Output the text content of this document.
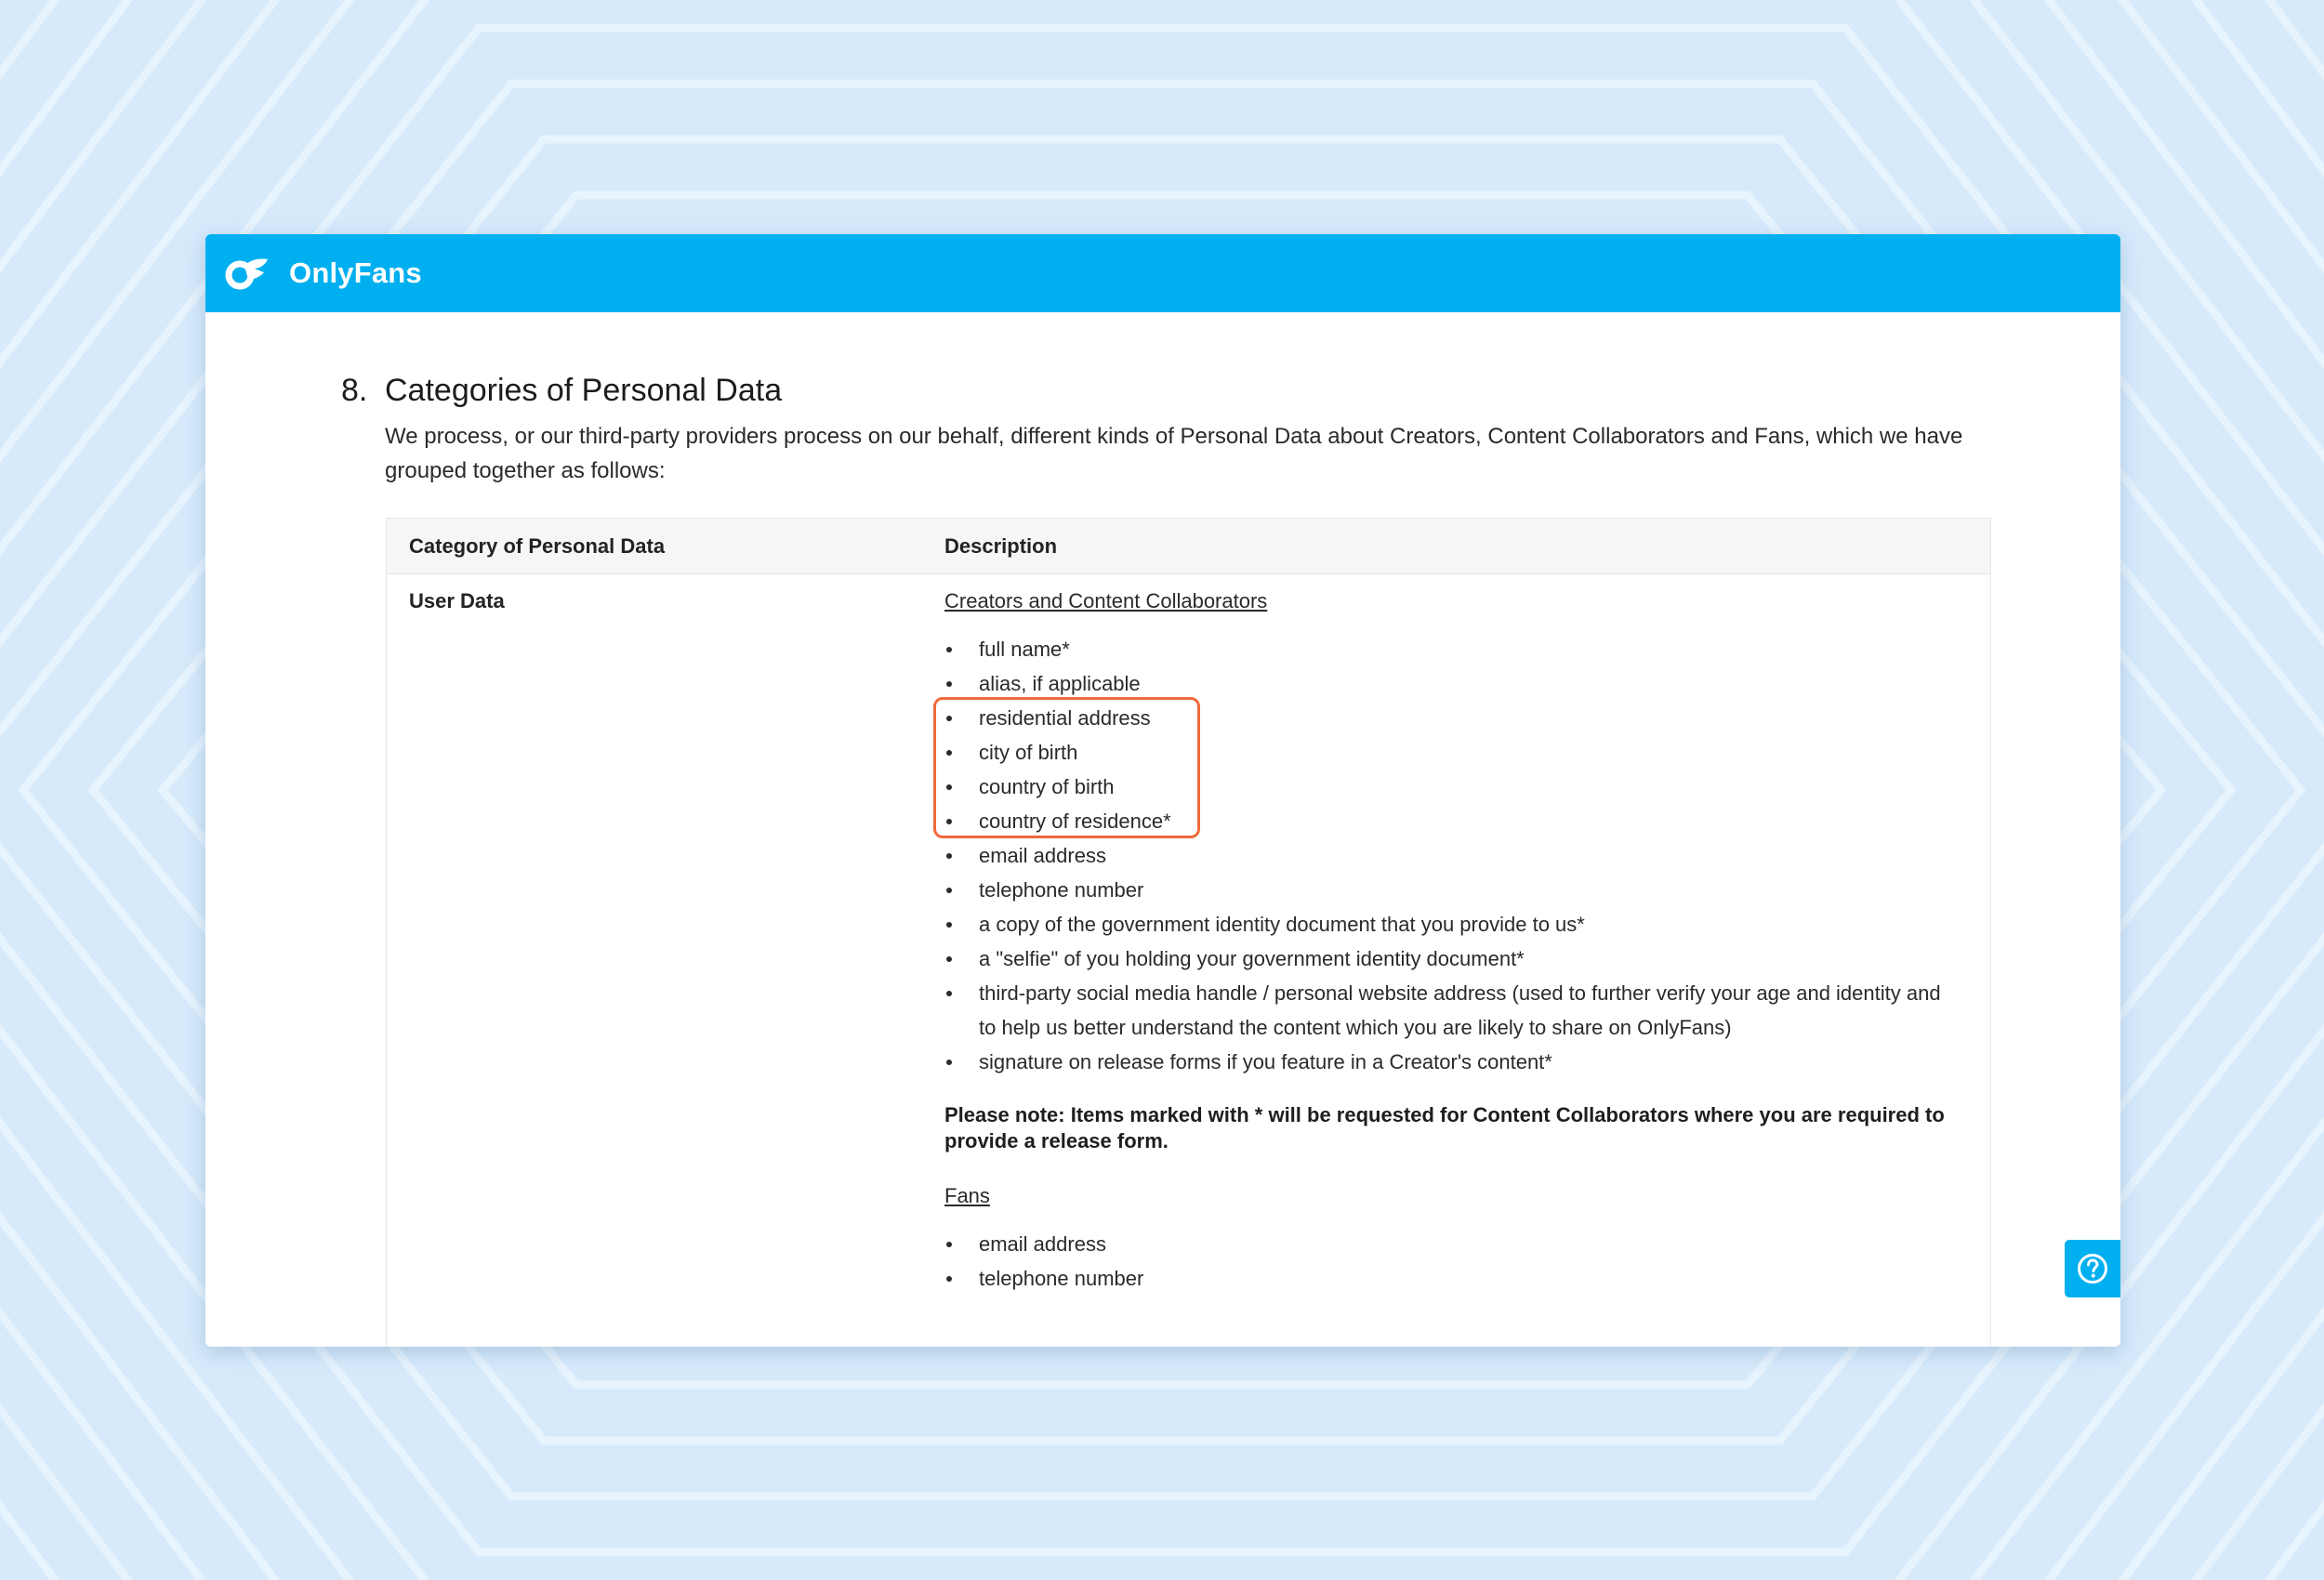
OnlyFans
8. Categories of Personal Data

We process, or our third-party providers process on our behalf, different kinds of Personal Data about Creators, Content Collaborators and Fans, which we have grouped together as follows:

Category of Personal Data	Description
User Data	Creators and Content Collaborators

full name*
alias, if applicable
residential address
city of birth
country of birth
country of residence*
email address
telephone number
a copy of the government identity document that you provide to us*
a "selfie" of you holding your government identity document*
third-party social media handle / personal website address (used to further verify your age and identity and to help us better understand the content which you are likely to share on OnlyFans)
signature on release forms if you feature in a Creator's content*

Please note: Items marked with * will be requested for Content Collaborators where you are required to provide a release form.

Fans

email address
telephone number
